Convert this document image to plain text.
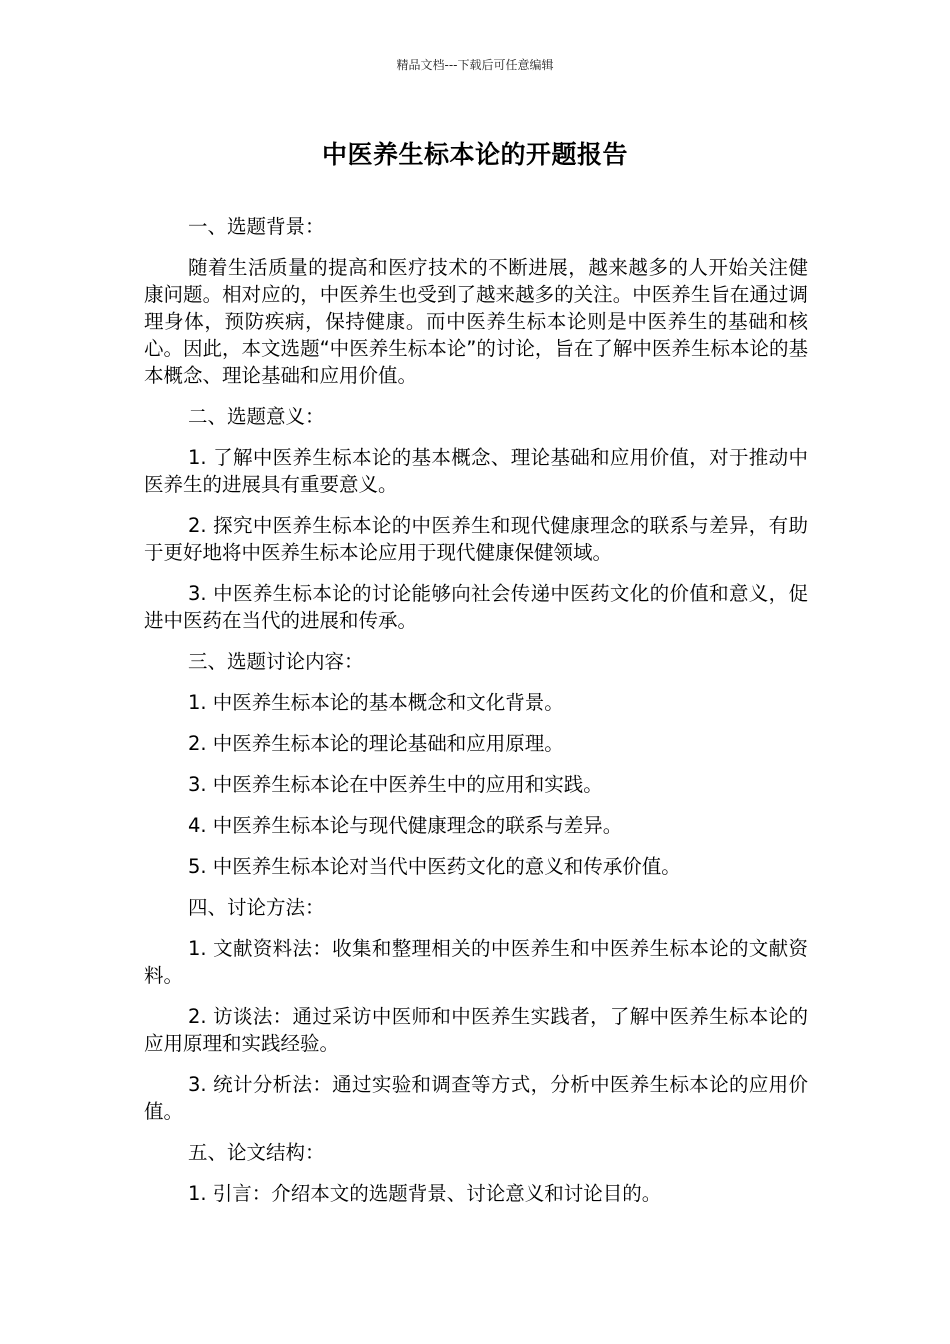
精品文档---下载后可任意编辑
中医养生标本论的开题报告

一、选题背景：

随着生活质量的提高和医疗技术的不断进展，越来越多的人开始关注健康问题。相对应的，中医养生也受到了越来越多的关注。中医养生旨在通过调理身体，预防疾病，保持健康。而中医养生标本论则是中医养生的基础和核心。因此，本文选题“中医养生标本论”的讨论，旨在了解中医养生标本论的基本概念、理论基础和应用价值。

二、选题意义：

1. 了解中医养生标本论的基本概念、理论基础和应用价值，对于推动中医养生的进展具有重要意义。

2. 探究中医养生标本论的中医养生和现代健康理念的联系与差异，有助于更好地将中医养生标本论应用于现代健康保健领域。

3. 中医养生标本论的讨论能够向社会传递中医药文化的价值和意义，促进中医药在当代的进展和传承。

三、选题讨论内容：

1. 中医养生标本论的基本概念和文化背景。

2. 中医养生标本论的理论基础和应用原理。

3. 中医养生标本论在中医养生中的应用和实践。

4. 中医养生标本论与现代健康理念的联系与差异。

5. 中医养生标本论对当代中医药文化的意义和传承价值。

四、讨论方法：

1. 文献资料法：收集和整理相关的中医养生和中医养生标本论的文献资料。

2. 访谈法：通过采访中医师和中医养生实践者，了解中医养生标本论的应用原理和实践经验。

3. 统计分析法：通过实验和调查等方式，分析中医养生标本论的应用价值。

五、论文结构：

1. 引言：介绍本文的选题背景、讨论意义和讨论目的。
